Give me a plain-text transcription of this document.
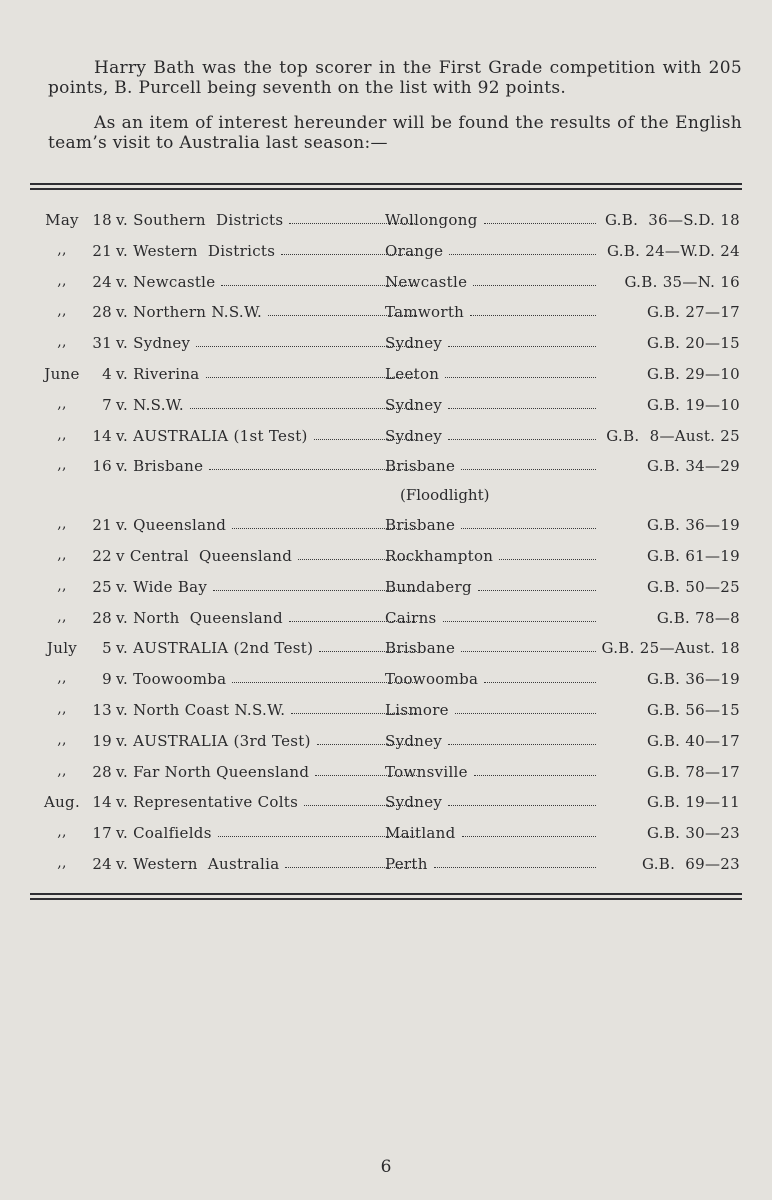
Harry Bath was the top scorer in the First Grade competition with 205 points, B. Purcell being seventh on the list with 92 points.

As an item of interest hereunder will be found the results of the English team’s visit to Australia last season:—

May 18 v. Southern  Districts	Wollongong	G.B.  36—S.D. 18
,,	21 v. Western  Districts	Orange	G.B. 24—W.D. 24
,,	24 v. Newcastle	Newcastle	G.B. 35—N. 16
,,	28 v. Northern N.S.W.	Tamworth	G.B. 27—17
,,	31 v. Sydney	Sydney	G.B. 20—15
June	4 v. Riverina	Leeton	G.B. 29—10
,,	7 v. N.S.W.	Sydney	G.B. 19—10
,,	14 v. AUSTRALIA (1st Test)	Sydney	G.B.  8—Aust. 25
,,	16 v. Brisbane	Brisbane	G.B. 34—29
(Floodlight)
,,	21 v. Queensland	Brisbane	G.B. 36—19
,,	22 v Central  Queensland	Rockhampton	G.B. 61—19
,,	25 v. Wide Bay	Bundaberg	G.B. 50—25
,,	28 v. North  Queensland	Cairns	G.B. 78—8
July	5 v. AUSTRALIA (2nd Test)	Brisbane	G.B. 25—Aust. 18
,,	9 v. Toowoomba	Toowoomba	G.B. 36—19
,,	13 v. North Coast N.S.W.	Lismore	G.B. 56—15
,,	19 v. AUSTRALIA (3rd Test)	Sydney	G.B. 40—17
,,	28 v. Far North Queensland	Townsville	G.B. 78—17
Aug. 14 v. Representative Colts	Sydney	G.B. 19—11
,,	17 v. Coalfields	Maitland	G.B. 30—23
,,	24 v. Western  Australia	Perth	G.B.  69—23
6
